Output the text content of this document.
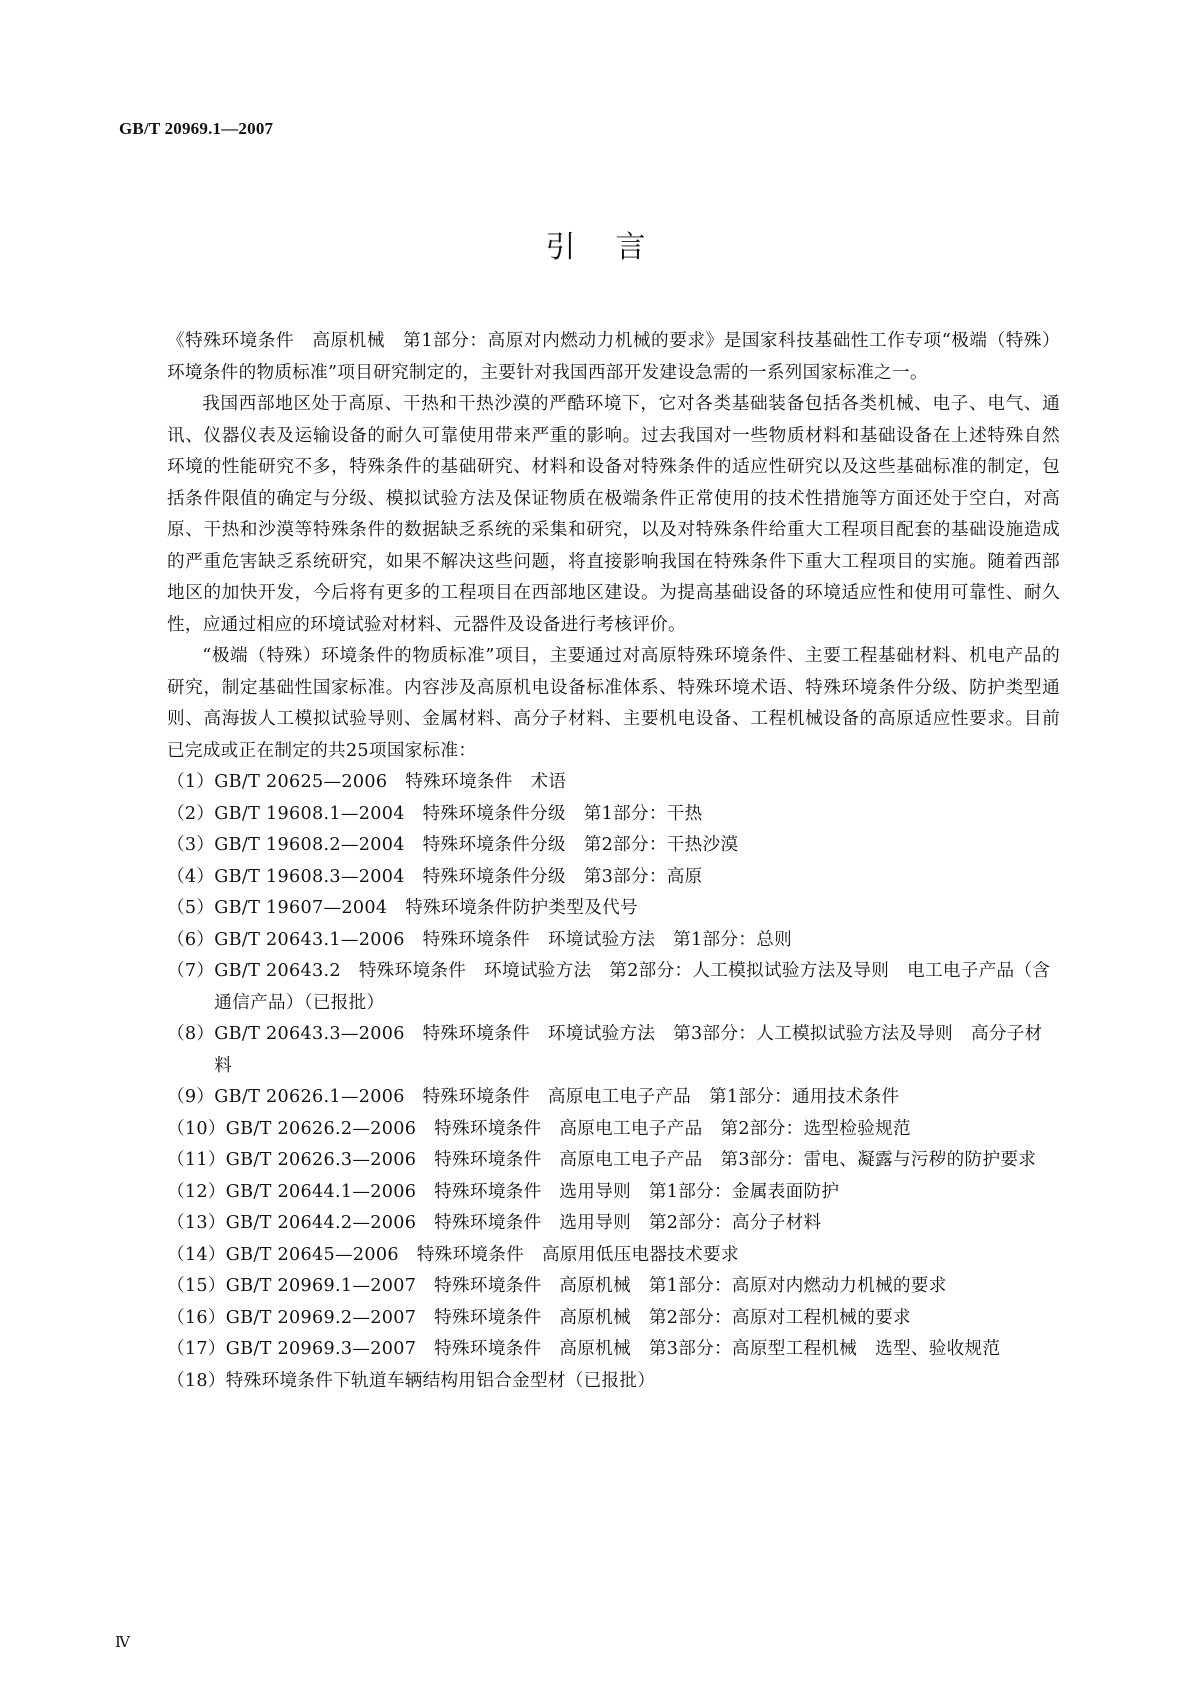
GB/T 20969.1—2007
引言

《特殊环境条件　高原机械　第1部分：高原对内燃动力机械的要求》是国家科技基础性工作专项“极端（特殊）环境条件的物质标准”项目研究制定的，主要针对我国西部开发建设急需的一系列国家标准之一。

我国西部地区处于高原、干热和干热沙漠的严酷环境下，它对各类基础装备包括各类机械、电子、电气、通讯、仪器仪表及运输设备的耐久可靠使用带来严重的影响。过去我国对一些物质材料和基础设备在上述特殊自然环境的性能研究不多，特殊条件的基础研究、材料和设备对特殊条件的适应性研究以及这些基础标准的制定，包括条件限值的确定与分级、模拟试验方法及保证物质在极端条件正常使用的技术性措施等方面还处于空白，对高原、干热和沙漠等特殊条件的数据缺乏系统的采集和研究，以及对特殊条件给重大工程项目配套的基础设施造成的严重危害缺乏系统研究，如果不解决这些问题，将直接影响我国在特殊条件下重大工程项目的实施。随着西部地区的加快开发，今后将有更多的工程项目在西部地区建设。为提高基础设备的环境适应性和使用可靠性、耐久性，应通过相应的环境试验对材料、元器件及设备进行考核评价。

“极端（特殊）环境条件的物质标准”项目，主要通过对高原特殊环境条件、主要工程基础材料、机电产品的研究，制定基础性国家标准。内容涉及高原机电设备标准体系、特殊环境术语、特殊环境条件分级、防护类型通则、高海拔人工模拟试验导则、金属材料、高分子材料、主要机电设备、工程机械设备的高原适应性要求。目前已完成或正在制定的共25项国家标准：

（1） GB/T 20625—2006　特殊环境条件　术语
（2） GB/T 19608.1—2004　特殊环境条件分级　第1部分：干热
（3） GB/T 19608.2—2004　特殊环境条件分级　第2部分：干热沙漠
（4） GB/T 19608.3—2004　特殊环境条件分级　第3部分：高原
（5） GB/T 19607—2004　特殊环境条件防护类型及代号
（6） GB/T 20643.1—2006　特殊环境条件　环境试验方法　第1部分：总则
（7） GB/T 20643.2　特殊环境条件　环境试验方法　第2部分：人工模拟试验方法及导则　电工电子产品（含通信产品）（已报批）
（8） GB/T 20643.3—2006　特殊环境条件　环境试验方法　第3部分：人工模拟试验方法及导则　高分子材料
（9） GB/T 20626.1—2006　特殊环境条件　高原电工电子产品　第1部分：通用技术条件
（10） GB/T 20626.2—2006　特殊环境条件　高原电工电子产品　第2部分：选型检验规范
（11） GB/T 20626.3—2006　特殊环境条件　高原电工电子产品　第3部分：雷电、凝露与污秽的防护要求
（12） GB/T 20644.1—2006　特殊环境条件　选用导则　第1部分：金属表面防护
（13） GB/T 20644.2—2006　特殊环境条件　选用导则　第2部分：高分子材料
（14） GB/T 20645—2006　特殊环境条件　高原用低压电器技术要求
（15） GB/T 20969.1—2007　特殊环境条件　高原机械　第1部分：高原对内燃动力机械的要求
（16） GB/T 20969.2—2007　特殊环境条件　高原机械　第2部分：高原对工程机械的要求
（17） GB/T 20969.3—2007　特殊环境条件　高原机械　第3部分：高原型工程机械　选型、验收规范
（18） 特殊环境条件下轨道车辆结构用铝合金型材（已报批）
Ⅳ
